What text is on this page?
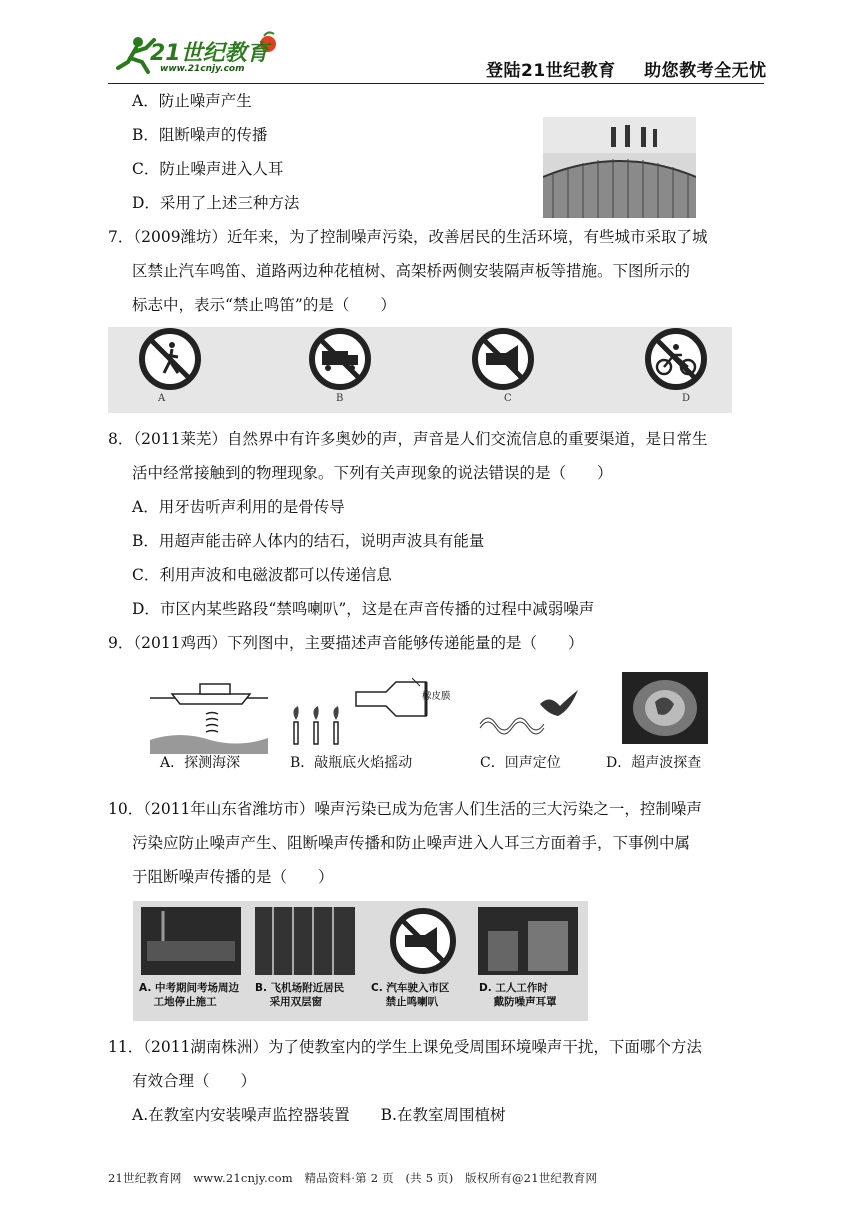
21世纪教育
www.21cnjy.com	登陆21世纪教育 助您教考全无忧
A．防止噪声产生
B．阻断噪声的传播
C．防止噪声进入人耳
D．采用了上述三种方法
7．（2009潍坊）近年来，为了控制噪声污染，改善居民的生活环境，有些城市采取了城
区禁止汽车鸣笛、道路两边种花植树、高架桥两侧安装隔声板等措施。下图所示的
标志中，表示“禁止鸣笛”的是（　　）
A	B	C	D
8．（2011莱芜）自然界中有许多奥妙的声，声音是人们交流信息的重要渠道，是日常生
活中经常接触到的物理现象。下列有关声现象的说法错误的是（　　）
A．用牙齿听声利用的是骨传导
B．用超声能击碎人体内的结石，说明声波具有能量
C．利用声波和电磁波都可以传递信息
D．市区内某些路段“禁鸣喇叭”，这是在声音传播的过程中减弱噪声
9．（2011鸡西）下列图中，主要描述声音能够传递能量的是（　　）
橡皮膜
A．探测海深	B．敲瓶底火焰摇动	C．回声定位	D．超声波探查
10．（2011年山东省潍坊市）噪声污染已成为危害人们生活的三大污染之一，控制噪声
污染应防止噪声产生、阻断噪声传播和防止噪声进入人耳三方面着手，下事例中属
于阻断噪声传播的是（　　）
A. 中考期间考场周边
工地停止施工
B. 飞机场附近居民
采用双层窗
C. 汽车驶入市区
禁止鸣喇叭
D. 工人工作时
戴防噪声耳罩
11．（2011湖南株洲）为了使教室内的学生上课免受周围环境噪声干扰，下面哪个方法
有效合理（　　）
A.在教室内安装噪声监控器装置　　B.在教室周围植树
21世纪教育网　www.21cnjy.com　精品资料·第 2 页　(共 5 页)　版权所有@21世纪教育网
